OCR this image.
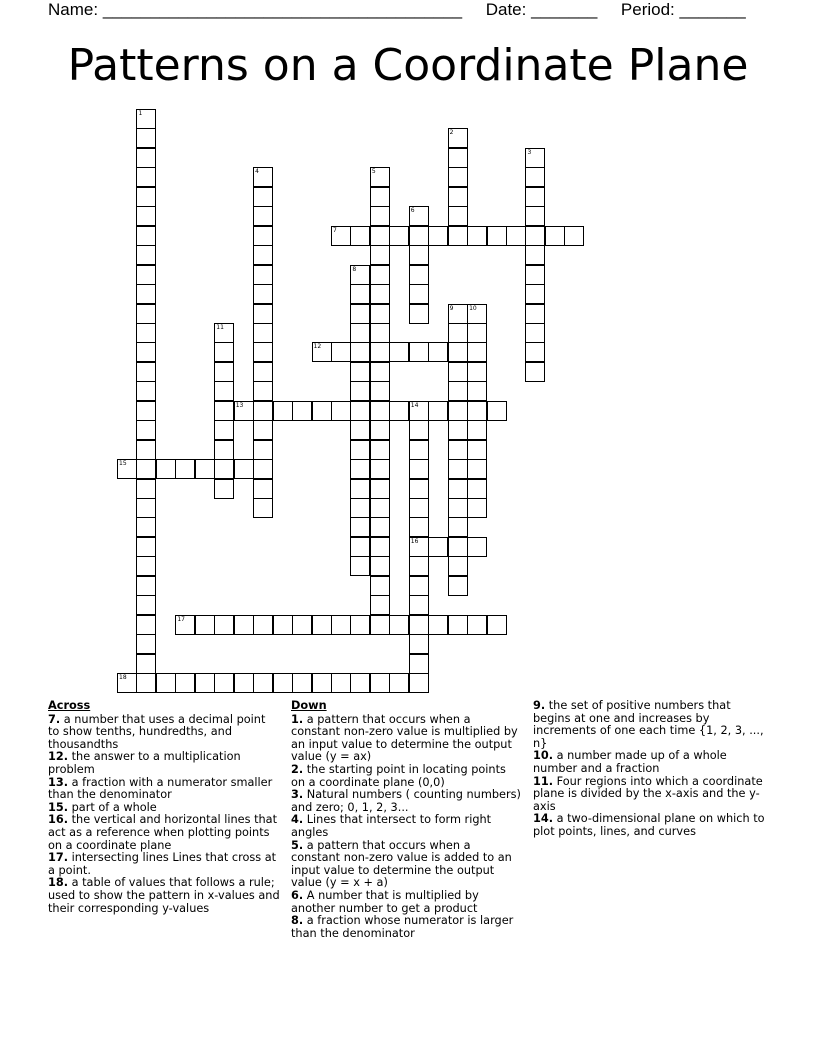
Name: ______________________________________ Date: _______ Period: _______
Patterns on a Coordinate Plane
1
2
3
4	5
6
7
8
9	10
11
12
13	14
15
16
17
18
Across

7. a number that uses a decimal point to show tenths, hundredths, and thousandths

12. the answer to a multiplication problem

13. a fraction with a numerator smaller than the denominator

15. part of a whole

16. the vertical and horizontal lines that act as a reference when plotting points on a coordinate plane

17. intersecting lines Lines that cross at a point.

18. a table of values that follows a rule; used to show the pattern in x-values and their corresponding y-values

Down

1. a pattern that occurs when a constant non-zero value is multiplied by an input value to determine the output value (y = ax)

2. the starting point in locating points on a coordinate plane (0,0)

3. Natural numbers ( counting numbers) and zero; 0, 1, 2, 3...

4. Lines that intersect to form right angles

5. a pattern that occurs when a constant non-zero value is added to an input value to determine the output value (y = x + a)

6. A number that is multiplied by another number to get a product

8. a fraction whose numerator is larger than the denominator

9. the set of positive numbers that begins at one and increases by increments of one each time {1, 2, 3, ..., n}

10. a number made up of a whole number and a fraction

11. Four regions into which a coordinate plane is divided by the x-axis and the y-axis

14. a two-dimensional plane on which to plot points, lines, and curves
